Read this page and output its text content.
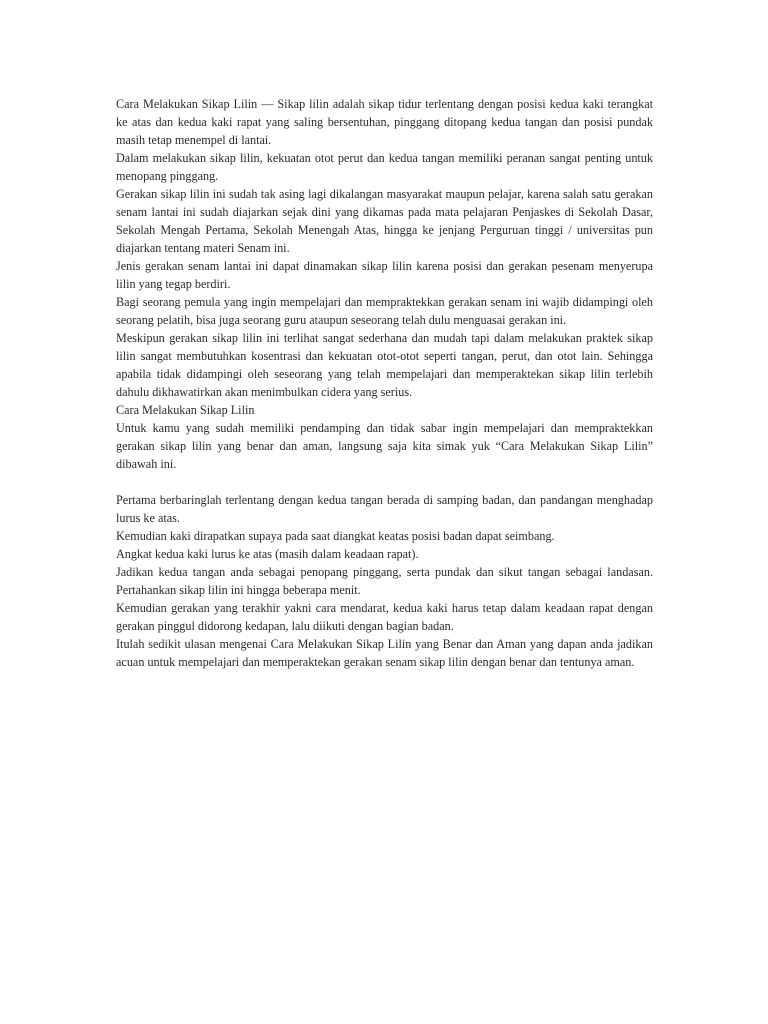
Cara Melakukan Sikap Lilin — Sikap lilin adalah sikap tidur terlentang dengan posisi kedua kaki terangkat ke atas dan kedua kaki rapat yang saling bersentuhan, pinggang ditopang kedua tangan dan posisi pundak masih tetap menempel di lantai.

Dalam melakukan sikap lilin, kekuatan otot perut dan kedua tangan memiliki peranan sangat penting untuk menopang pinggang.

Gerakan sikap lilin ini sudah tak asing lagi dikalangan masyarakat maupun pelajar, karena salah satu gerakan senam lantai ini sudah diajarkan sejak dini yang dikamas pada mata pelajaran Penjaskes di Sekolah Dasar, Sekolah Mengah Pertama, Sekolah Menengah Atas, hingga ke jenjang Perguruan tinggi / universitas pun diajarkan tentang materi Senam ini.

Jenis gerakan senam lantai ini dapat dinamakan sikap lilin karena posisi dan gerakan pesenam menyerupa lilin yang tegap berdiri.

Bagi seorang pemula yang ingin mempelajari dan mempraktekkan gerakan senam ini wajib didampingi oleh seorang pelatih, bisa juga seorang guru ataupun seseorang telah dulu menguasai gerakan ini.

Meskipun gerakan sikap lilin ini terlihat sangat sederhana dan mudah tapi dalam melakukan praktek sikap lilin sangat membutuhkan kosentrasi dan kekuatan otot-otot seperti tangan, perut, dan otot lain. Sehingga apabila tidak didampingi oleh seseorang yang telah mempelajari dan memperaktekan sikap lilin terlebih dahulu dikhawatirkan akan menimbulkan cidera yang serius.

Cara Melakukan Sikap Lilin

Untuk kamu yang sudah memiliki pendamping dan tidak sabar ingin mempelajari dan mempraktekkan gerakan sikap lilin yang benar dan aman, langsung saja kita simak yuk “Cara Melakukan Sikap Lilin” dibawah ini.

Pertama berbaringlah terlentang dengan kedua tangan berada di samping badan, dan pandangan menghadap lurus ke atas.

Kemudian kaki dirapatkan supaya pada saat diangkat keatas posisi badan dapat seimbang.

Angkat kedua kaki lurus ke atas (masih dalam keadaan rapat).

Jadikan kedua tangan anda sebagai penopang pinggang, serta pundak dan sikut tangan sebagai landasan. Pertahankan sikap lilin ini hingga beberapa menit.

Kemudian gerakan yang terakhir yakni cara mendarat, kedua kaki harus tetap dalam keadaan rapat dengan gerakan pinggul didorong kedapan, lalu diikuti dengan bagian badan.

Itulah sedikit ulasan mengenai Cara Melakukan Sikap Lilin yang Benar dan Aman yang dapan anda jadikan acuan untuk mempelajari dan memperaktekan gerakan senam sikap lilin dengan benar dan tentunya aman.
